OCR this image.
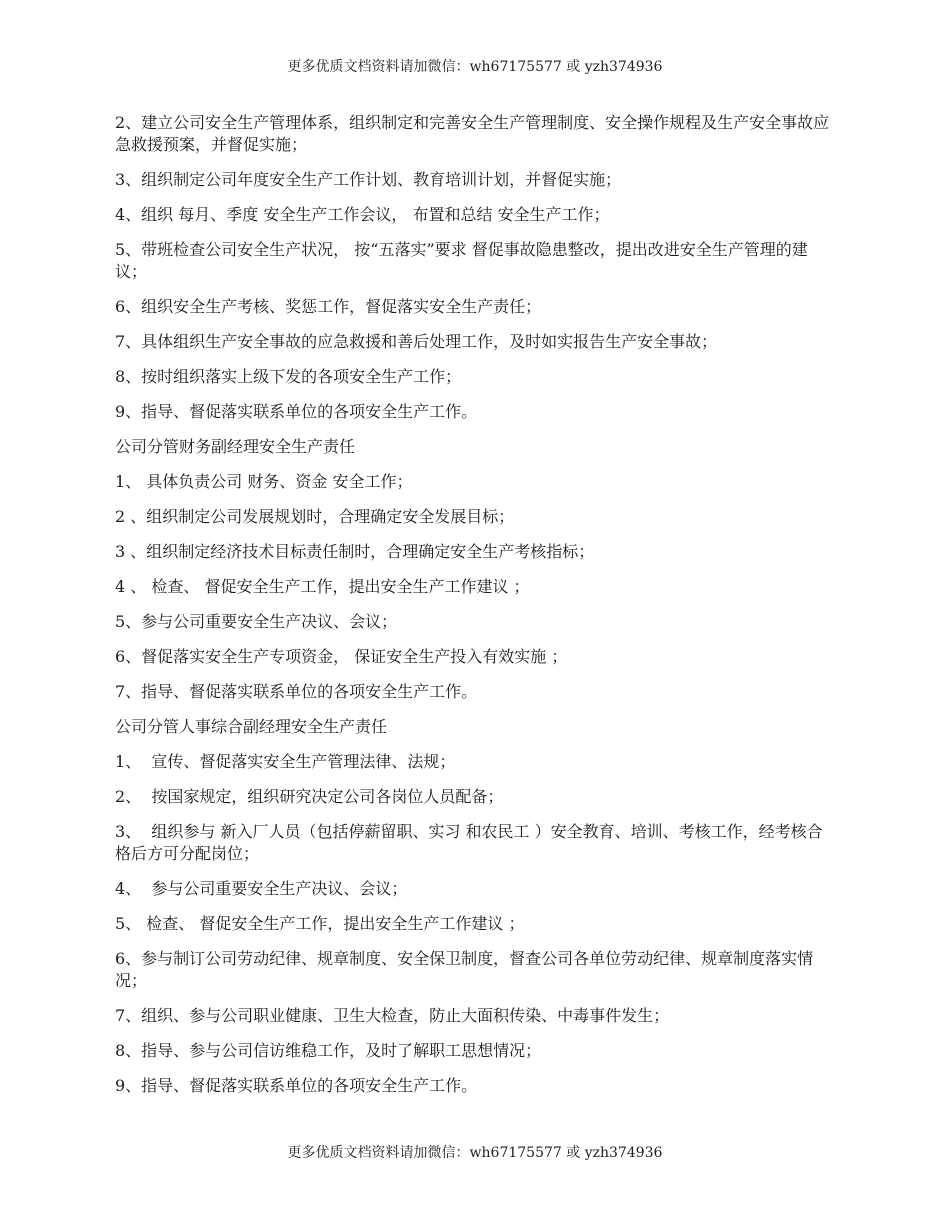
更多优质文档资料请加微信：wh67175577 或 yzh374936

2、建立公司安全生产管理体系，组织制定和完善安全生产管理制度、安全操作规程及生产安全事故应急救援预案，并督促实施；

3、组织制定公司年度安全生产工作计划、教育培训计划，并督促实施；

4、组织 每月、季度 安全生产工作会议， 布置和总结 安全生产工作；

5、带班检查公司安全生产状况， 按“五落实”要求 督促事故隐患整改，提出改进安全生产管理的建议；

6、组织安全生产考核、奖惩工作，督促落实安全生产责任；

7、具体组织生产安全事故的应急救援和善后处理工作，及时如实报告生产安全事故；

8、按时组织落实上级下发的各项安全生产工作；

9、指导、督促落实联系单位的各项安全生产工作。

公司分管财务副经理安全生产责任

1、 具体负责公司 财务、资金 安全工作；

2 、组织制定公司发展规划时，合理确定安全发展目标；

3 、组织制定经济技术目标责任制时，合理确定安全生产考核指标；

4 、 检查、 督促安全生产工作，提出安全生产工作建议 ；

5、参与公司重要安全生产决议、会议；

6、督促落实安全生产专项资金， 保证安全生产投入有效实施 ；

7、指导、督促落实联系单位的各项安全生产工作。

公司分管人事综合副经理安全生产责任

1、  宣传、督促落实安全生产管理法律、法规；

2、  按国家规定，组织研究决定公司各岗位人员配备；

3、  组织参与 新入厂人员（包括停薪留职、实习 和农民工 ）安全教育、培训、考核工作，经考核合格后方可分配岗位；

4、  参与公司重要安全生产决议、会议；

5、 检查、 督促安全生产工作，提出安全生产工作建议 ；

6、参与制订公司劳动纪律、规章制度、安全保卫制度，督查公司各单位劳动纪律、规章制度落实情况；

7、组织、参与公司职业健康、卫生大检查，防止大面积传染、中毒事件发生；

8、指导、参与公司信访维稳工作，及时了解职工思想情况；

9、指导、督促落实联系单位的各项安全生产工作。

更多优质文档资料请加微信：wh67175577 或 yzh374936
